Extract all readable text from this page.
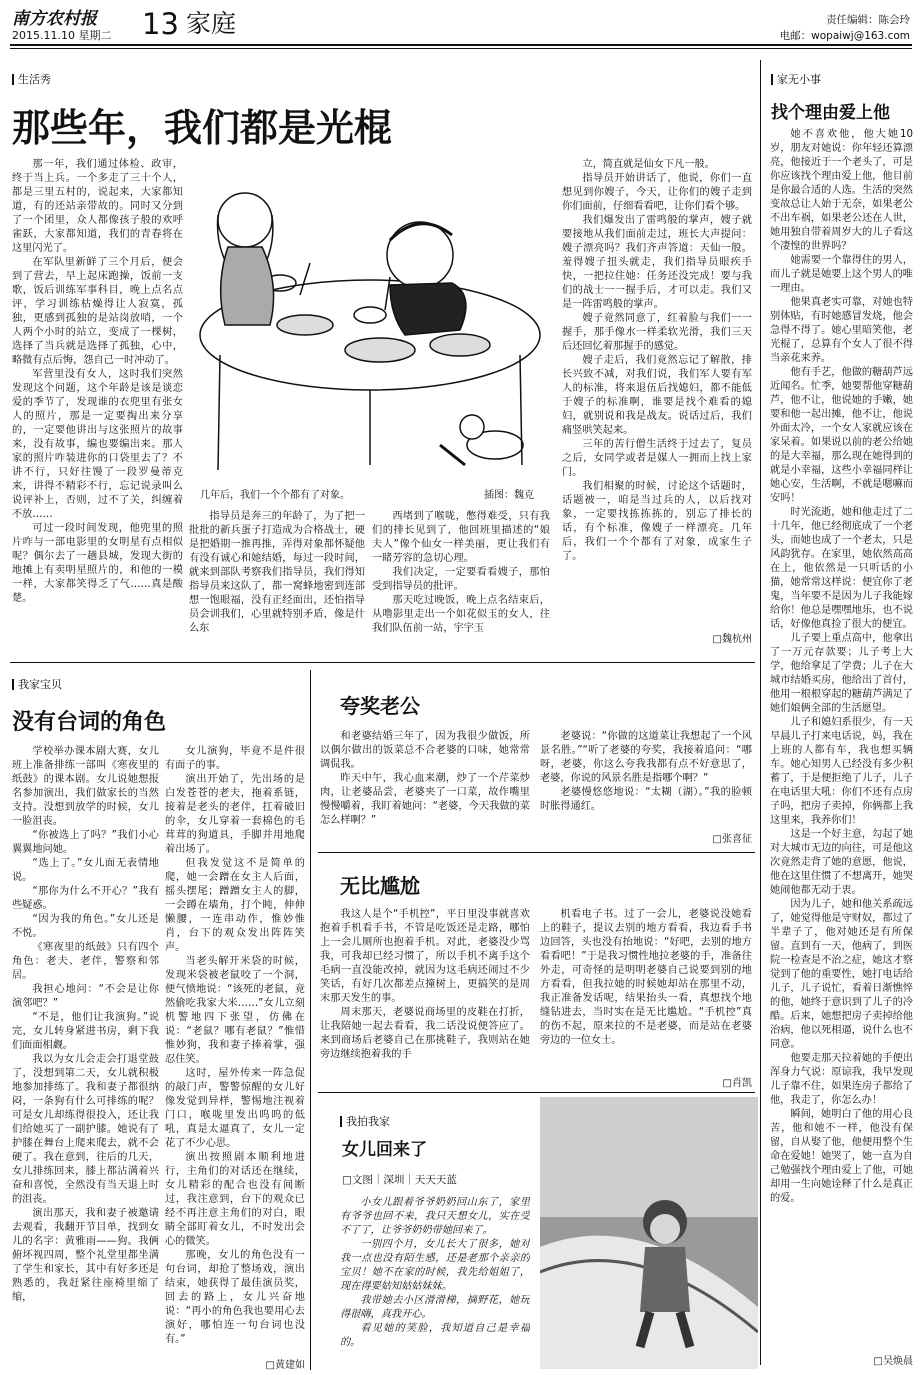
南方农村报
2015.11.10 星期二 13 家庭	责任编辑：陈会玲
电邮：wopaiwj@163.com
生活秀
那些年，我们都是光棍

那一年，我们通过体检、政审，终于当上兵。一个多走了三十个人，都是三里五村的，说起来，大家都知道，有的还站亲带故的。同时又分到了一个团里，众人都像孩子般的欢呼雀跃，大家都知道，我们的青春将在这里闪光了。

在军队里新鲜了三个月后，便会到了营去，早上起床跑操，饭前一支歌，饭后训练军事科目，晚上点名点评，学习训练枯燥得让人寂寞，孤独，更感到孤独的是站岗放哨，一个人两个小时的站立，变成了一棵树，选择了当兵就是选择了孤独，心中，略微有点后悔，怨自己一时冲动了。

军营里没有女人，这时我们突然发现这个问题，这个年龄是该是谈恋爱的季节了，发现谁的衣兜里有张女人的照片，那是一定要掏出来分享的，一定要他讲出与这张照片的故事来，没有故事，编也要编出来。那人家的照片咋装进你的口袋里去了？不讲不行，只好往馒了一段罗曼蒂克来，讲得不精彩不行，忘记说录叫么说评补上，否则，过不了关，纠缠着不放……

可过一段时间发现，他兜里的照片咋与一部电影里的女明星有点相似呢？偶尔去了一趟县城，发现大街的地摊上有卖明星照片的，和他的一模一样，大家都笑得乏了气……真是酸楚。

几年后，我们一个个都有了对象。	插图：魏克

指导员是奔三的年龄了，为了把一批批的新兵蛋子打造成为合格战士，硬是把婚期一推再推，弄得对象都怀疑他有没有诚心和她结婚，每过一段时间，就来到部队考察我们指导员，我们得知指导员来这队了，都一窝蜂地密到连部想一饱眼福，没有正经面出，还怕指导员会训我们，心里就特别矛盾，像是什么东

西堵到了喉咙，憋得难受，只有我们的排长见到了，他回班里描述的“娘夫人”像个仙女一样美丽，更让我们有一睹芳容的急切心理。

我们决定，一定要看看嫂子，那怕受到指导员的批评。

那天吃过晚饭，晚上点名结束后，从噜影里走出一个如花似玉的女人，往我们队伍前一站，宇宇玉

立，简直就是仙女下凡一般。

指导员开始讲话了，他说，你们一直想见到你嫂子，今天，让你们的嫂子走到你们面前，仔细看看吧，让你们看个够。

我们爆发出了雷鸣般的掌声，嫂子就要接地从我们面前走过，班长大声提问：嫂子漂亮吗？我们齐声答道：天仙一般。羞得嫂子扭头就走，我们指导员眼疾手快，一把拉住她：任务还没完成！要与我们的战士一一握手后，才可以走。我们又是一阵雷鸣般的掌声。

嫂子竟然同意了，红着脸与我们一一握手，那手像水一样柔软光滑，我们三天后还回忆着那握手的感觉。

嫂子走后，我们竟然忘记了解散，排长兴致不减，对我们说，我们军人要有军人的标准，将来退伍后找媳妇，都不能低于嫂子的标准啊，谁要是找个难看的媳妇，就别说和我是战友。说话过后，我们痛竖哄笑起来。

三年的苦行僧生活终于过去了，复员之后，女同学或者是媒人一拥而上找上家门。

我们相聚的时候，讨论这个话题时，话题被一，咱是当过兵的人，以后找对象，一定要找拣拣拣的，别忘了排长的话，有个标准，像嫂子一样漂亮。几年后，我们一个个都有了对象，成家生子了。

□魏杭州
家无小事
找个理由爱上他

她不喜欢他，他大她10岁，朋友对她说：你年轻还算漂亮，他接近于一个老头了，可是你应该找个理由爱上他，他目前是你最合适的人选。生活的突然变故总让人始于无奈，如果老公不出车祸，如果老公还在人世，她用独自带着周岁大的儿子看这个凄惶的世界吗？

她需要一个靠得住的男人，而儿子就是她要上这个男人的唯一理由。

他果真老实可靠，对她也特别体贴，有时她感冒发烧，他会急得不得了。她心里暗笑他，老光棍了，总算有个女人了很不得当亲花来养。

他有手艺，他做的糖葫芦远近闻名。忙季，她要帮他穿糖葫芦，他不让，他说她的手嫩，她要和他一起出摊，他不让，他说外面太冷，一个女人家就应该在家呆着。如果说以前的老公给她的是大幸福，那么现在她得到的就是小幸福，这些小幸福同样让她心安，生活啊，不就是嗯嘛而安吗！

时光流逝，她和他走过了二十几年，他已经彻底成了一个老头，而她也成了一个老太，只是风韵犹存。在家里，她依然高高在上，他依然是一只听话的小猫，她常常这样说：便宜你了老鬼，当年要不是因为儿子我能嫁给你！他总是嘿嘿地乐，也不说话，好像他真捡了很大的便宜。

儿子要上重点高中，他拿出了一万元存款要；儿子考上大学，他给拿足了学费；儿子在大城市结婚买房，他给出了首付，他用一根根穿起的糖葫芦满足了她们娘俩全部的生活愿望。

儿子和媳妇系很少，有一天早晨儿子打来电话说，妈，我在上班的人都有车，我也想买辆车。她心知男人已经没有多少积蓄了，于是便拒绝了儿子，儿子在电话里大吼：你们不还有点房子吗，把房子卖掉，你俩都上我这里来，我养你们！

这是一个好主意，勾起了她对大城市无边的向往，可是他这次竟然走背了她的意愿，他说，他在这里住惯了不想离开，她哭她闹他都无动于衷。

因为儿子，她和他关系疏远了，她觉得他是守财奴，都过了半辈子了，他对她还是有所保留。直到有一天，他病了，到医院一检查是不治之症，她这才察觉到了他的重要性，她打电话给儿子，儿子说忙，看着日渐憔悴的他，她终于意识到了儿子的冷酷。后来，她想把房子卖掉给他治病，他以死相逼，说什么也不同意。

他要走那天拉着她的手便出浑身力气说：原谅我，我早发现儿子靠不住，如果连房子都给了他，我走了，你怎么办！

瞬间，她明白了他的用心良苦，他和她不一样，他没有保留，自从娶了他，他便用整个生命在爱她！她哭了，她一直为自己勉强找个理由爱上了他，可她却用一生向她诠释了什么是真正的爱。

□吴焕晨
我家宝贝
没有台词的角色

学校举办课本剧大赛，女儿班上准备排练一部叫《寒夜里的纸鼓》的课本剧。女儿说她想报名参加演出，我们做家长的当然支持。没想到放学的时候，女儿一脸沮丧。

“你被选上了吗？”我们小心翼翼地问她。

“选上了。”女儿面无表情地说。

“那你为什么不开心？”我有些疑惑。

“因为我的角色。”女儿还是不悦。

《寒夜里的纸鼓》只有四个角色：老夫、老伴，警察和邻居。

我担心地问：“不会是让你演邻吧？”

“不是，他们让我演狗。”说完，女儿转身紧进书房，剩下我们面面相觑。

我以为女儿会走会打退堂鼓了，没想到第二天，女儿就积极地参加排练了。我和妻子都很纳闷，一条狗有什么可排练的呢？可是女儿却练得很投入，还让我们给她买了一副护膝。她说有了护膝在舞台上爬来爬去，就不会硬了。我在意到，往后的几天，女儿排练回来，膝上都沾满着兴奋和喜悦，全然没有当天退上时的沮丧。

演出那天，我和妻子被邀请去观看，我翻开节目单，找到女儿的名字：黄雅雨——狗。我俩俯坏视四周，整个礼堂里都坐满了学生和家长，其中有好多还是熟悉的，我赶紧往座椅里缩了缩，

女儿演狗，毕竟不是件很有面子的事。

演出开始了，先出场的是白发苍苍的老夫，拖着系链，接着是老头的老伴，扛着破旧的伞，女儿穿着一套棉色的毛茸茸的狗道具，手脚并用地爬着出场了。

但我发觉这不是简单的爬，她一会蹭在女主人后面，摇头摆尾；蹭蹭女主人的脚，一会蹲在墙角，打个盹，伸伸懒腰，一连串动作，惟妙惟肖，台下的观众发出阵阵笑声。

当老头解开米袋的时候，发现米袋被老鼠咬了一个洞，便气愤地说：“该死的老鼠，竟然偷吃我家大米……”女儿立刻机警地四下张望，仿佛在说：“老鼠？哪有老鼠？”惟惜惟妙狗，我和妻子捧着掌，强忍住笑。

这时，屋外传来一阵急促的敲门声，警警惊醒的女儿好像发觉到异样，警惕地注视着门口，喉咙里发出呜呜的低吼，真是太逼真了，女儿一定花了不少心思。

演出按照剧本顺利地进行，主角们的对话还在继续，女儿精彩的配合也没有间断过，我注意到，台下的观众已经不再注意主角们的对白，眼睛全部盯着女儿，不时发出会心的微笑。

那晚，女儿的角色没有一句台词，却抢了整场戏，演出结束，她获得了最佳演员奖，回去的路上，女儿兴奋地说：“再小的角色我也要用心去演好，哪怕连一句台词也没有。”

□黄建如
夸奖老公

和老婆结婚三年了，因为我很少做饭，所以偶尔做出的饭菜总不合老婆的口味，她常常调侃我。

昨天中午，我心血来潮，炒了一个芹菜炒肉，让老婆品尝，老婆夹了一口菜，故作嘴里慢慢嚼着，我盯着她问：“老婆，今天我做的菜怎么样啊？”

老婆说：“你做的这道菜让我想起了一个风景名胜。”“听了老婆的夸奖，我接着追问：“哪呀，老婆，你这么夸我我都有点不好意思了，老婆，你说的风景名胜是指哪个啊？”

老婆慢悠悠地说：“太糊（湖）。”我的脸顿时胀得通红。

□张喜征
无比尴尬

我这人是个“手机控”，平日里没事就喜欢抱着手机看手书，不管是吃饭还是走路，哪怕上一会儿厕所也抱着手机。对此，老婆没少骂我，可我却已经习惯了，所以手机不离手这个毛病一直没能改掉，就因为这毛病还闹过不少笑话，有好几次都差点撞树上，更搞笑的是周末那天发生的事。

周末那天，老婆说商场里的皮鞋在打折，让我陪她一起去看看，我二话没说便答应了。来到商场后老婆自己在那挑鞋子，我则站在她旁边继续抱着我的手

机看电子书。过了一会儿，老婆说没她看上的鞋子，提议去别的地方看看，我边看手书边回答，头也没有抬地说：“好吧，去别的地方看看吧！”于是我习惯性地拉老婆的手，准备往外走，可奇怪的是明明老婆自己说要到别的地方看看，但我拉她的时候她却站在那里不动，我正准备发话呢，结果抬头一看，真想找个地缝钻进去，当时实在是无比尴尬。“手机控”真的伤不起，原来拉的不是老婆，而是站在老婆旁边的一位女士。

□肖凯
我拍我家
女儿回来了
□文图｜深圳｜天天天蓝

小女儿跟着爷爷奶奶回山东了，家里有爷爷也回不来，我只天想女儿，实在受不了了，让爷爷奶奶带她回来了。

一别四个月，女儿长大了很多，她对我一点也没有陌生感，还是老那个亲亲的宝贝！她不在家的时候，我先给姐姐了，现在得要姑知姑姑妹妹。

我带她去小区滑滑梯，摘野花，她玩得很嗨，真我开心。

看见她的笑脸，我知道自己是幸福的。
